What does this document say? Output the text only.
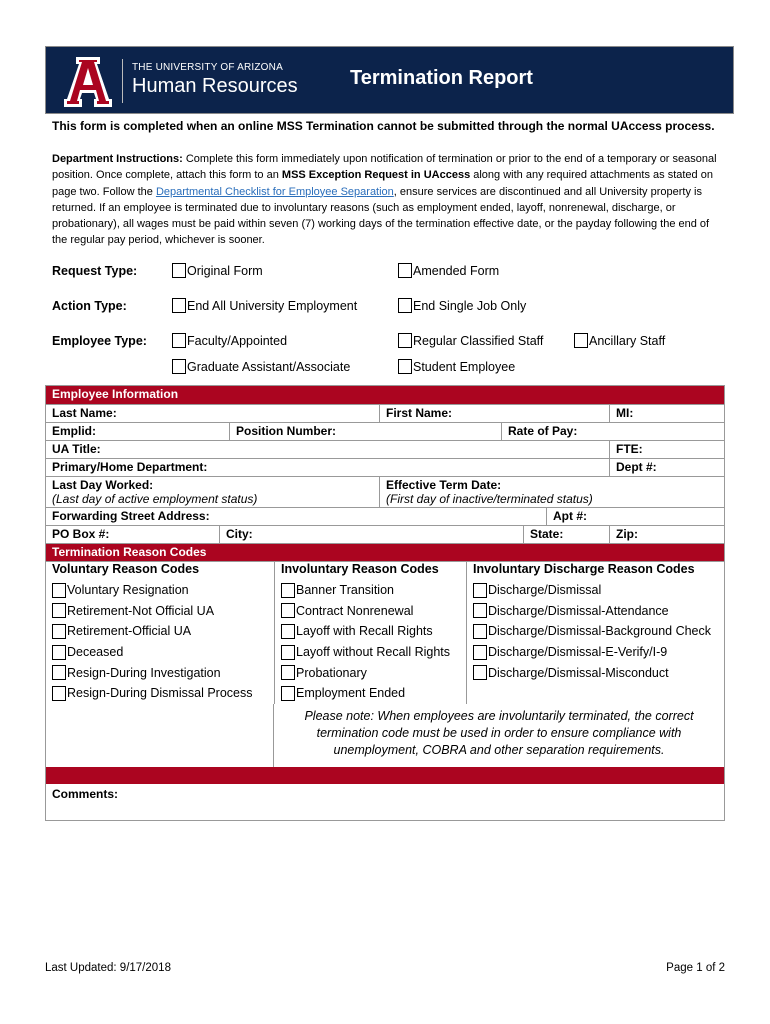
THE UNIVERSITY OF ARIZONA
Human Resources	Termination Report
This form is completed when an online MSS Termination cannot be submitted through the normal UAccess process.
Department Instructions: Complete this form immediately upon notification of termination or prior to the end of a temporary or seasonal position. Once complete, attach this form to an MSS Exception Request in UAccess along with any required attachments as stated on page two. Follow the Departmental Checklist for Employee Separation, ensure services are discontinued and all University property is returned. If an employee is terminated due to involuntary reasons (such as employment ended, layoff, nonrenewal, discharge, or probationary), all wages must be paid within seven (7) working days of the termination effective date, or the payday following the end of the regular pay period, whichever is sooner.
Request Type:	Original Form	Amended Form
Action Type:	End All University Employment	End Single Job Only
Employee Type:	Faculty/Appointed	Regular Classified Staff	Ancillary Staff
Graduate Assistant/Associate	Student Employee
Employee Information
Last Name:	First Name:	MI:
Emplid:	Position Number:	Rate of Pay:
UA Title:	FTE:
Primary/Home Department:	Dept #:
Last Day Worked:
(Last day of active employment status)
Effective Term Date:
(First day of inactive/terminated status)
Forwarding Street Address:	Apt #:
PO Box #:	City:	State:	Zip:
Termination Reason Codes
Voluntary Reason Codes
Voluntary Resignation
Retirement-Not Official UA
Retirement-Official UA
Deceased
Resign-During Investigation
Resign-During Dismissal Process
Involuntary Reason Codes
Banner Transition
Contract Nonrenewal
Layoff with Recall Rights
Layoff without Recall Rights
Probationary
Employment Ended
Involuntary Discharge Reason Codes
Discharge/Dismissal
Discharge/Dismissal-Attendance
Discharge/Dismissal-Background Check
Discharge/Dismissal-E-Verify/I-9
Discharge/Dismissal-Misconduct
Please note: When employees are involuntarily terminated, the correct termination code must be used in order to ensure compliance with unemployment, COBRA and other separation requirements.
Comments:
Last Updated: 9/17/2018	Page 1 of 2
